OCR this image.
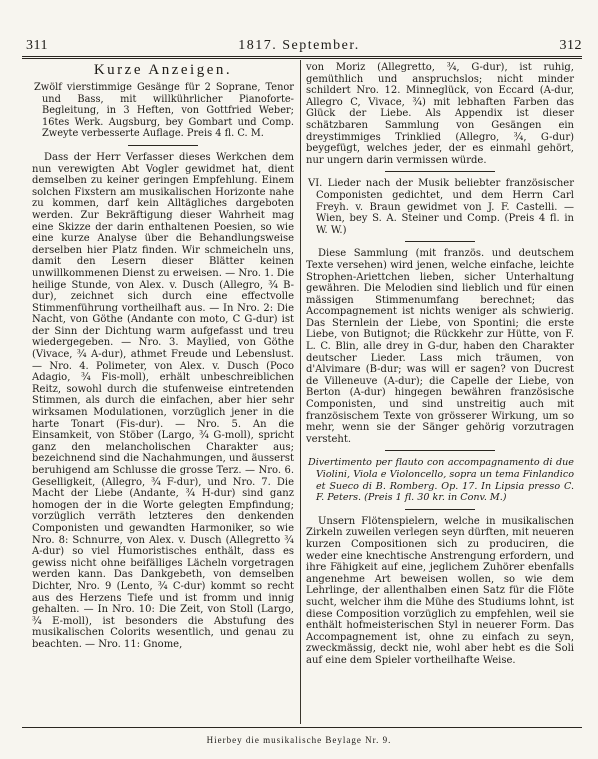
311	1817. September.	312
Kurze Anzeigen.

Zwölf vierstimmige Gesänge für 2 Soprane, Tenor und Bass, mit willkührlicher Pianoforte-Begleitung, in 3 Heften, von Gottfried Weber; 16tes Werk. Augsburg, bey Gombart und Comp. Zweyte verbesserte Auflage. Preis 4 fl. C. M.

Dass der Herr Verfasser dieses Werkchen dem nun verewigten Abt Vogler gewidmet hat, dient demselben zu keiner geringen Empfehlung. Einem solchen Fixstern am musikalischen Horizonte nahe zu kommen, darf kein Alltägliches dargeboten werden. Zur Bekräftigung dieser Wahrheit mag eine Skizze der darin enthaltenen Poesien, so wie eine kurze Analyse über die Behandlungsweise derselben hier Platz finden. Wir schmeicheln uns, damit den Lesern dieser Blätter keinen unwillkommenen Dienst zu erweisen. — Nro. 1. Die heilige Stunde, von Alex. v. Dusch (Allegro, ¾ B-dur), zeichnet sich durch eine effectvolle Stimmenführung vortheilhaft aus. — In Nro. 2: Die Nacht, von Göthe (Andante con moto, C G-dur) ist der Sinn der Dichtung warm aufgefasst und treu wiedergegeben. — Nro. 3. Maylied, von Göthe (Vivace, ¾ A-dur), athmet Freude und Lebenslust. — Nro. 4. Polimeter, von Alex. v. Dusch (Poco Adagio, ¾ Fis-moll), erhält unbeschreiblichen Reitz, sowohl durch die stufenweise eintretenden Stimmen, als durch die einfachen, aber hier sehr wirksamen Modulationen, vorzüglich jener in die harte Tonart (Fis-dur). — Nro. 5. An die Einsamkeit, von Stöber (Largo, ¾ G-moll), spricht ganz den melancholischen Charakter aus; bezeichnend sind die Nachahmungen, und äusserst beruhigend am Schlusse die grosse Terz. — Nro. 6. Geselligkeit, (Allegro, ¾ F-dur), und Nro. 7. Die Macht der Liebe (Andante, ¾ H-dur) sind ganz homogen der in die Worte gelegten Empfindung; vorzüglich verräth letzteres den denkenden Componisten und gewandten Harmoniker, so wie Nro. 8: Schnurre, von Alex. v. Dusch (Allegretto ¾ A-dur) so viel Humoristisches enthält, dass es gewiss nicht ohne beifälliges Lächeln vorgetragen werden kann. Das Dankgebeth, von demselben Dichter, Nro. 9 (Lento, ¾ C-dur) kommt so recht aus des Herzens Tiefe und ist fromm und innig gehalten. — In Nro. 10: Die Zeit, von Stoll (Largo, ¾ E-moll), ist besonders die Abstufung des musikalischen Colorits wesentlich, und genau zu beachten. — Nro. 11: Gnome,

von Moriz (Allegretto, ¾, G-dur), ist ruhig, gemüthlich und anspruchslos; nicht minder schildert Nro. 12. Minneglück, von Eccard (A-dur, Allegro C, Vivace, ¾) mit lebhaften Farben das Glück der Liebe. Als Appendix ist dieser schätzbaren Sammlung von Gesängen ein dreystimmiges Trinklied (Allegro, ¾, G-dur) beygefügt, welches jeder, der es einmahl gehört, nur ungern darin vermissen würde.

VI. Lieder nach der Musik beliebter französischer Componisten gedichtet, und dem Herrn Carl Freyh. v. Braun gewidmet von J. F. Castelli. — Wien, bey S. A. Steiner und Comp. (Preis 4 fl. in W. W.)

Diese Sammlung (mit französ. und deutschem Texte versehen) wird jenen, welche einfache, leichte Strophen-Ariettchen lieben, sicher Unterhaltung gewähren. Die Melodien sind lieblich und für einen mässigen Stimmenumfang berechnet; das Accompagnement ist nichts weniger als schwierig. Das Sternlein der Liebe, von Spontini; die erste Liebe, von Butignot; die Rückkehr zur Hütte, von F. L. C. Blin, alle drey in G-dur, haben den Charakter deutscher Lieder. Lass mich träumen, von d'Alvimare (B-dur; was will er sagen? von Ducrest de Villeneuve (A-dur); die Capelle der Liebe, von Berton (A-dur) hingegen bewähren französische Componisten, und sind unstreitig auch mit französischem Texte von grösserer Wirkung, um so mehr, wenn sie der Sänger gehörig vorzutragen versteht.

Divertimento per flauto con accompagnamento di due Violini, Viola e Violoncello, sopra un tema Finlandico et Sueco di B. Romberg. Op. 17. In Lipsia presso C. F. Peters. (Preis 1 fl. 30 kr. in Conv. M.)

Unsern Flötenspielern, welche in musikalischen Zirkeln zuweilen verlegen seyn dürften, mit neueren kurzen Compositionen sich zu produciren, die weder eine knechtische Anstrengung erfordern, und ihre Fähigkeit auf eine, jeglichem Zuhörer ebenfalls angenehme Art beweisen wollen, so wie dem Lehrlinge, der allenthalben einen Satz für die Flöte sucht, welcher ihm die Mühe des Studiums lohnt, ist diese Composition vorzüglich zu empfehlen, weil sie enthält hofmeisterischen Styl in neuerer Form. Das Accompagnement ist, ohne zu einfach zu seyn, zweckmässig, deckt nie, wohl aber hebt es die Soli auf eine dem Spieler vortheilhafte Weise.

Hierbey die musikalische Beylage Nr. 9.
